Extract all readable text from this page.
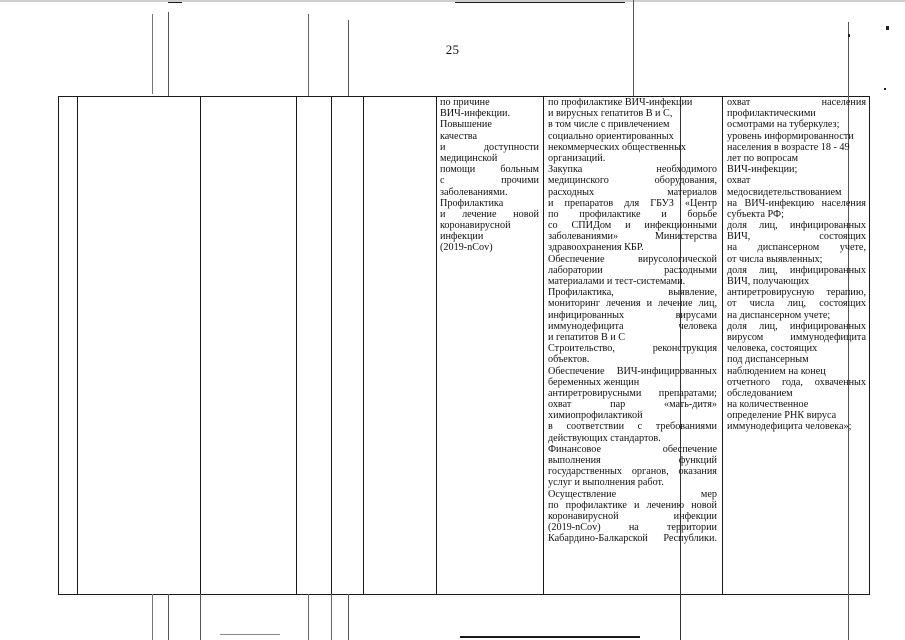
25
по причине
ВИЧ-инфекции.
Повышение
качества
и доступности
медицинской
помощи больным
с прочими
заболеваниями.
Профилактика
и лечение новой
коронавирусной
инфекции
(2019-nCov)
по профилактике ВИЧ-инфекции
и вирусных гепатитов В и С,
в том числе с привлечением
социально ориентированных
некоммерческих общественных
организаций.
Закупка необходимого
медицинского оборудования,
расходных материалов
и препаратов для ГБУЗ «Центр
по профилактике и борьбе
со СПИДом и инфекционными
заболеваниями» Министерства
здравоохранения КБР.
Обеспечение вирусологической
лаборатории расходными
материалами и тест-системами.
Профилактика, выявление,
мониторинг лечения и лечение лиц,
инфицированных вирусами
иммунодефицита человека
и гепатитов В и С
Строительство, реконструкция
объектов.
Обеспечение ВИЧ-инфицированных
беременных женщин
антиретровирусными препаратами;
охват пар «мать-дитя»
химиопрофилактикой
в соответствии с требованиями
действующих стандартов.
Финансовое обеспечение
выполнения функций
государственных органов, оказания
услуг и выполнения работ.
Осуществление мер
по профилактике и лечению новой
коронавирусной инфекции
(2019-nCov) на территории
Кабардино-Балкарской Республики.
охват населения
профилактическими
осмотрами на туберкулез;
уровень информированности
населения в возрасте 18 - 49
лет по вопросам
ВИЧ-инфекции;
охват
медосвидетельствованием
на ВИЧ-инфекцию населения
субъекта РФ;
доля лиц, инфицированных
ВИЧ, состоящих
на диспансерном учете,
от числа выявленных;
доля лиц, инфицированных
ВИЧ, получающих
антиретровирусную терапию,
от числа лиц, состоящих
на диспансерном учете;
доля лиц, инфицированных
вирусом иммунодефицита
человека, состоящих
под диспансерным
наблюдением на конец
отчетного года, охваченных
обследованием
на количественное
определение РНК вируса
иммунодефицита человека»;
